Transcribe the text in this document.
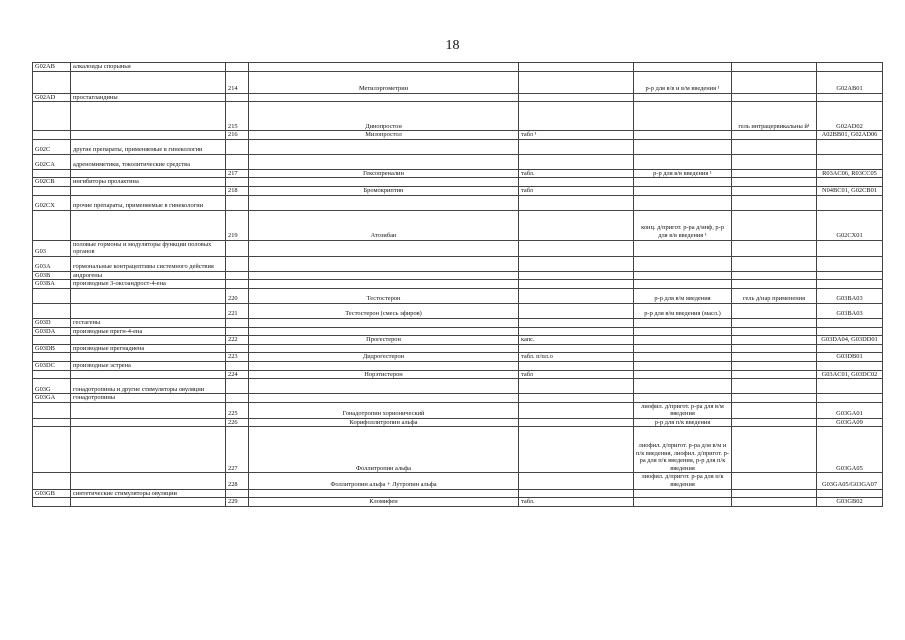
18
G02AB	алкалоиды спорыньи						
		214	Метилэргометрин		р-р для в/в и в/м введения ¹		G02AB01
G02AD	простагландины						
		215	Динопростон			гель интрацервикальны й¹	G02AD02
		216	Мизопростол	табл ¹			A02BB01, G02AD06
G02C	другие препараты, применяемые в гинекологии						
G02CA	адреномиметики, токолитические средства						
		217	Гексопреналин	табл.	р-р для в/в введения ¹		R03AC06, R03CC05
G02CB	ингибиторы пролактина						
		218	Бромокриптин	табл			N04BC01, G02CB01
G02CX	прочие препараты, применяемые в гинекологии						
		219	Атозибан		конц. д/пригот. р-ра д/инф, р-р для в/в введения ¹		G02CX01
G03	половые гормоны и модуляторы функции половых органов						
G03A	гормональные контрацептивы системного действия						
G03B	андрогены						
G03BA	производные 3-оксоандрост-4-ена						
		220	Тестостерон		р-р для в/м введения	гель д/нар применения	G03BA03
		221	Тестостерон (смесь эфиров)		р-р для в/м введения (масл.)		G03BA03
G03D	гестагены						
G03DA	производные прегн-4-ена						
		222	Прогестерон	капс.			G03DA04, G03DD01
G03DB	производные прегнадиена						
		223	Дидрогестерон	табл. п/пл.о			G03DB01
G03DC	производные эстрена						
		224	Норэтистерон	табл			G03AC01, G03DC02
G03G	гонадотропины и другие стимуляторы овуляции						
G03GA	гонадотропины						
		225	Гонадотропин хорионический		лиофил. д/пригот. р-ра для в/м введения		G03GA01
		226	Корифоллитропин альфа		р-р для п/к введения		G03GA09
		227	Фоллитропин альфа		лиофил. д/пригот. р-ра для в/м и п/к введения, лиофил. д/пригот. р-ра для п/к введения, р-р для п/к введения		G03GA05
		228	Фоллитропин альфа + Лутропин альфа		лиофил. д/пригот. р-ра для п/к введения		G03GA05/G03GA07
G03GB	синтетические стимуляторы овуляции						
		229	Кломифен	табл.			G03GB02
